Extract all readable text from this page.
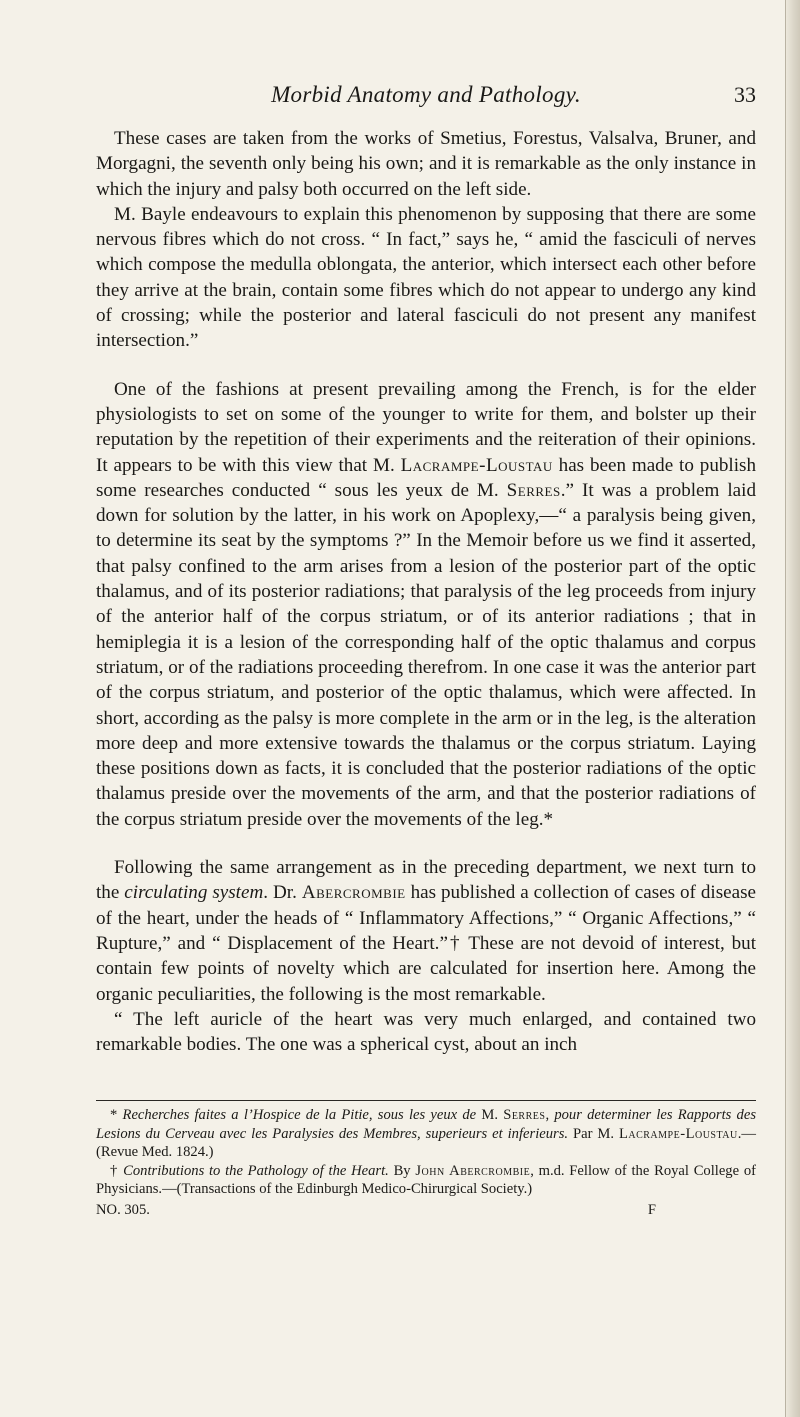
Morbid Anatomy and Pathology.	33

These cases are taken from the works of Smetius, Forestus, Valsalva, Bruner, and Morgagni, the seventh only being his own; and it is remarkable as the only instance in which the injury and palsy both occurred on the left side.

M. Bayle endeavours to explain this phenomenon by supposing that there are some nervous fibres which do not cross. “ In fact,” says he, “ amid the fasciculi of nerves which compose the medulla oblongata, the anterior, which intersect each other before they arrive at the brain, contain some fibres which do not appear to undergo any kind of crossing; while the posterior and lateral fasciculi do not present any manifest intersection.”

One of the fashions at present prevailing among the French, is for the elder physiologists to set on some of the younger to write for them, and bolster up their reputation by the repetition of their experiments and the reiteration of their opinions. It appears to be with this view that M. Lacrampe-Loustau has been made to publish some researches conducted “ sous les yeux de M. Serres.” It was a problem laid down for solution by the latter, in his work on Apoplexy,—“ a paralysis being given, to determine its seat by the symptoms ?” In the Memoir before us we find it asserted, that palsy confined to the arm arises from a lesion of the posterior part of the optic thalamus, and of its posterior radiations; that paralysis of the leg proceeds from injury of the anterior half of the corpus striatum, or of its anterior radiations ; that in hemiplegia it is a lesion of the corresponding half of the optic thalamus and corpus striatum, or of the radiations proceeding therefrom. In one case it was the anterior part of the corpus striatum, and posterior of the optic thalamus, which were affected. In short, according as the palsy is more complete in the arm or in the leg, is the alteration more deep and more extensive towards the thalamus or the corpus striatum. Laying these positions down as facts, it is concluded that the posterior radiations of the optic thalamus preside over the movements of the arm, and that the posterior radiations of the corpus striatum preside over the movements of the leg.*

Following the same arrangement as in the preceding department, we next turn to the circulating system. Dr. Abercrombie has published a collection of cases of disease of the heart, under the heads of “ Inflammatory Affections,” “ Organic Affections,” “ Rupture,” and “ Displacement of the Heart.”† These are not devoid of interest, but contain few points of novelty which are calculated for insertion here. Among the organic peculiarities, the following is the most remarkable.

“ The left auricle of the heart was very much enlarged, and contained two remarkable bodies. The one was a spherical cyst, about an inch

* Recherches faites a l’Hospice de la Pitie, sous les yeux de M. Serres, pour determiner les Rapports des Lesions du Cerveau avec les Paralysies des Membres, superieurs et inferieurs. Par M. Lacrampe-Loustau.—(Revue Med. 1824.)

† Contributions to the Pathology of the Heart. By John Abercrombie, m.d. Fellow of the Royal College of Physicians.—(Transactions of the Edinburgh Medico-Chirurgical Society.)

NO. 305.	F
